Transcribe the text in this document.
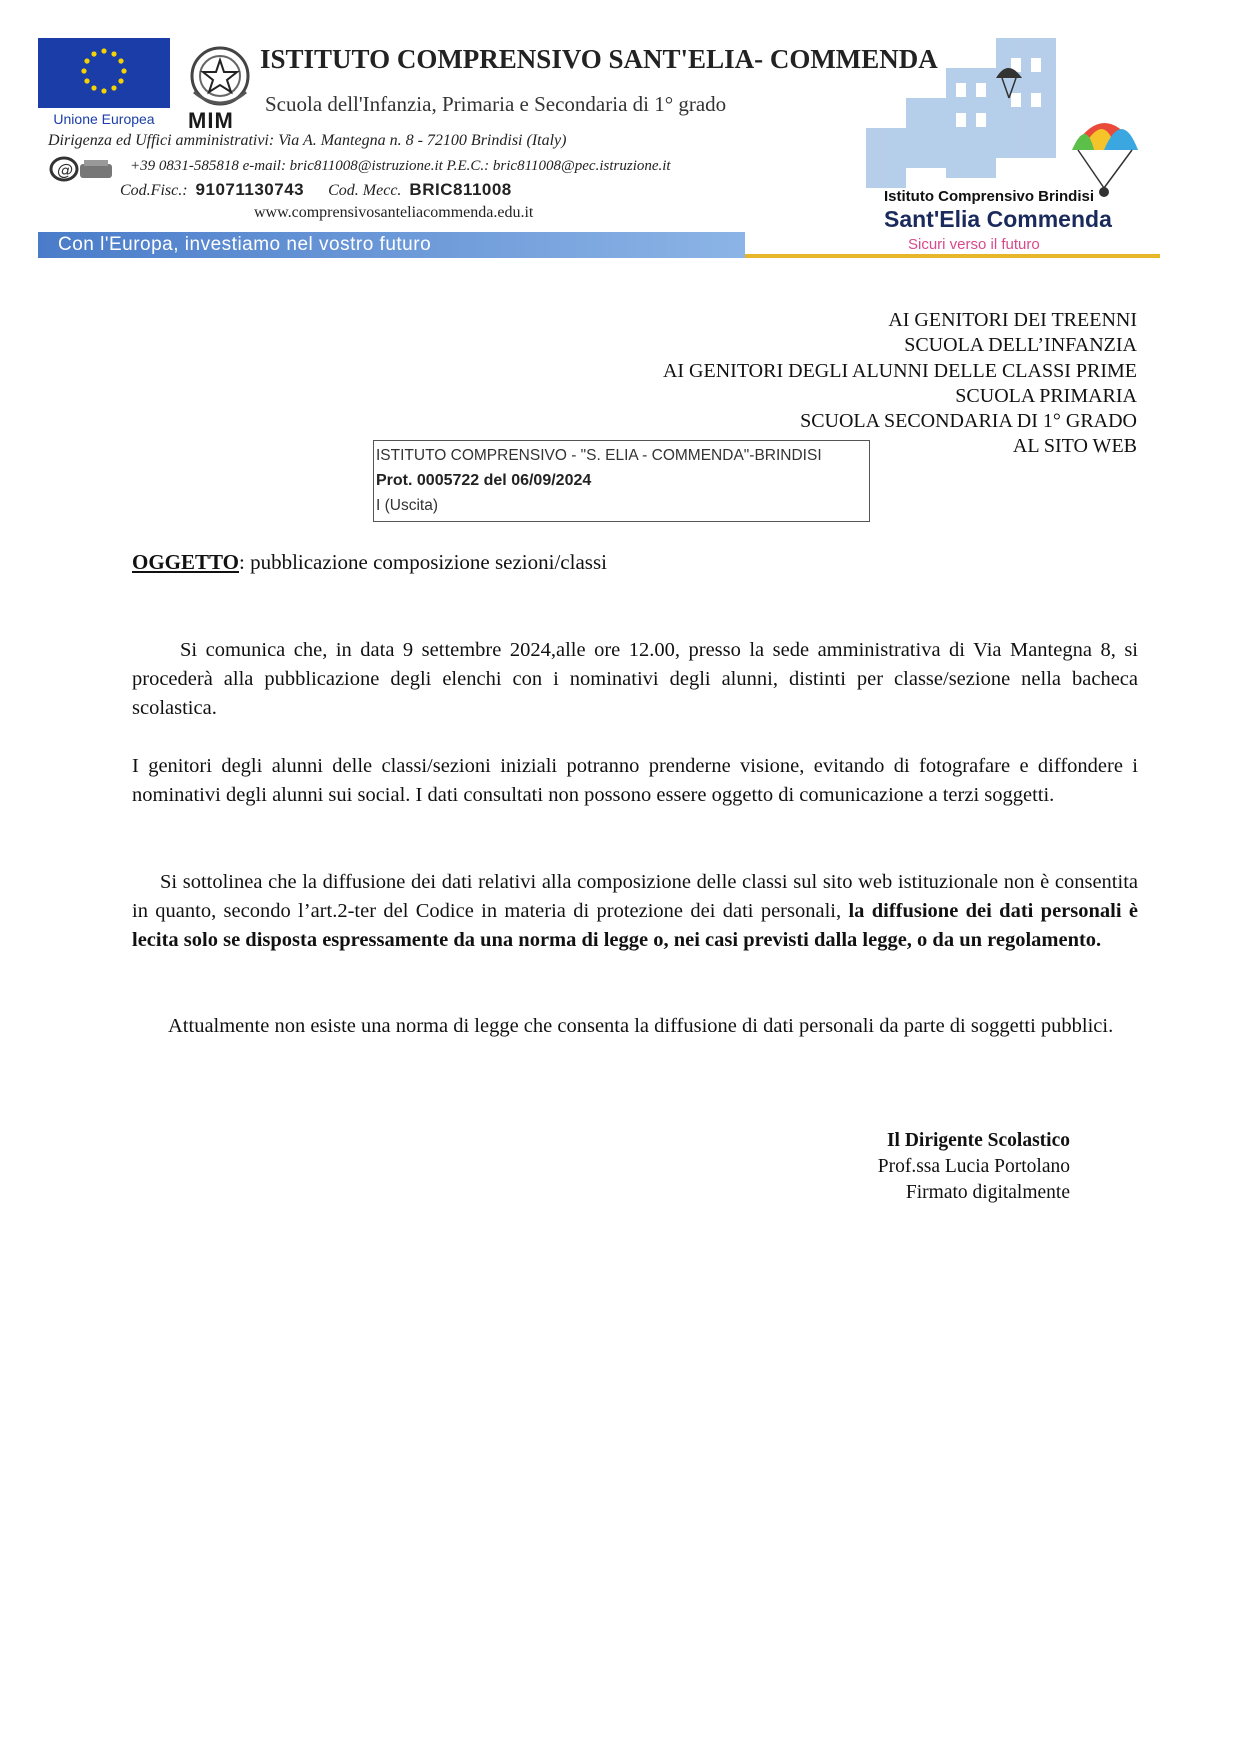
Unione Europea	MIM
ISTITUTO COMPRENSIVO SANT'ELIA- COMMENDA
Scuola dell'Infanzia, Primaria e Secondaria di 1° grado
Dirigenza ed Uffici amministrativi: Via A. Mantegna n. 8 - 72100 Brindisi (Italy)
@	+39 0831-585818 e-mail: bric811008@istruzione.it P.E.C.: bric811008@pec.istruzione.it
Cod.Fisc.: 91071130743 Cod. Mecc. BRIC811008
www.comprensivosanteliacommenda.edu.it
Con l'Europa, investiamo nel vostro futuro
Istituto Comprensivo Brindisi
Sant'Elia Commenda
Sicuri verso il futuro
AI GENITORI DEI TREENNI
SCUOLA DELL’INFANZIA
AI GENITORI DEGLI ALUNNI DELLE CLASSI PRIME
SCUOLA PRIMARIA
SCUOLA SECONDARIA DI 1° GRADO
AL SITO WEB
ISTITUTO COMPRENSIVO - "S. ELIA - COMMENDA"-BRINDISI
Prot. 0005722 del 06/09/2024
I (Uscita)
OGGETTO: pubblicazione composizione sezioni/classi
Si comunica che, in data 9 settembre 2024,alle ore 12.00, presso la sede amministrativa di Via Mantegna 8, si procederà alla pubblicazione degli elenchi con i nominativi degli alunni, distinti per classe/sezione nella bacheca scolastica.
I genitori degli alunni delle classi/sezioni iniziali potranno prenderne visione, evitando di fotografare e diffondere i nominativi degli alunni sui social. I dati consultati non possono essere oggetto di comunicazione a terzi soggetti.
Si sottolinea che la diffusione dei dati relativi alla composizione delle classi sul sito web istituzionale non è consentita in quanto, secondo l’art.2-ter del Codice in materia di protezione dei dati personali, la diffusione dei dati personali è lecita solo se disposta espressamente da una norma di legge o, nei casi previsti dalla legge, o da un regolamento.
Attualmente non esiste una norma di legge che consenta la diffusione di dati personali da parte di soggetti pubblici.
Il Dirigente Scolastico
Prof.ssa Lucia Portolano
Firmato digitalmente
